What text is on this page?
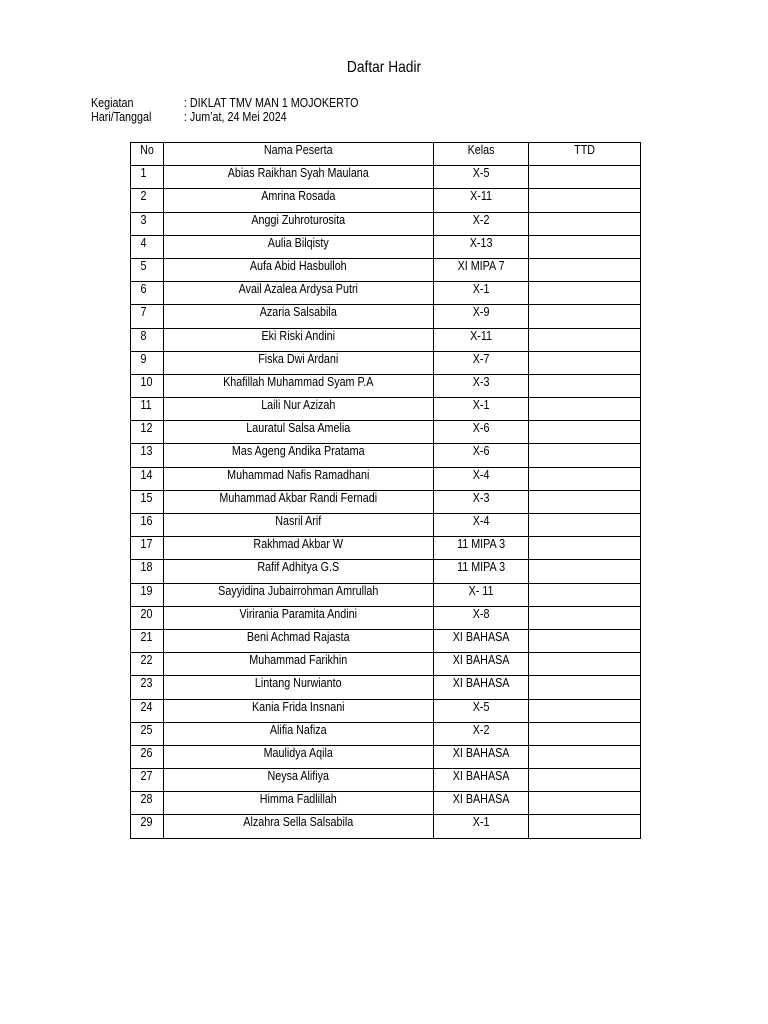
Daftar Hadir
Kegiatan	: DIKLAT TMV MAN 1 MOJOKERTO
Hari/Tanggal	: Jum’at, 24 Mei 2024
No	Nama Peserta	Kelas	TTD

1	Abias Raikhan Syah Maulana	X-5	

2	Amrina Rosada	X-11	

3	Anggi Zuhroturosita	X-2	

4	Aulia Bilqisty	X-13	

5	Aufa Abid Hasbulloh	XI MIPA 7	

6	Avail Azalea Ardysa Putri	X-1	

7	Azaria Salsabila	X-9	

8	Eki Riski Andini	X-11	

9	Fiska Dwi Ardani	X-7	

10	Khafillah Muhammad Syam P.A	X-3	

11	Laili Nur Azizah	X-1	

12	Lauratul Salsa Amelia	X-6	

13	Mas Ageng Andika Pratama	X-6	

14	Muhammad Nafis Ramadhani	X-4	

15	Muhammad Akbar Randi Fernadi	X-3	

16	Nasril Arif	X-4	

17	Rakhmad Akbar W	11 MIPA 3	

18	Rafif Adhitya G.S	11 MIPA 3	

19	Sayyidina Jubairrohman Amrullah	X- 11	

20	Virirania Paramita Andini	X-8	

21	Beni Achmad Rajasta	XI BAHASA	

22	Muhammad Farikhin	XI BAHASA	

23	Lintang Nurwianto	XI BAHASA	

24	Kania Frida Insnani	X-5	

25	Alifia Nafiza	X-2	

26	Maulidya Aqila	XI BAHASA	

27	Neysa Alifiya	XI BAHASA	

28	Himma Fadlillah	XI BAHASA	

29	Alzahra Sella Salsabila	X-1	
